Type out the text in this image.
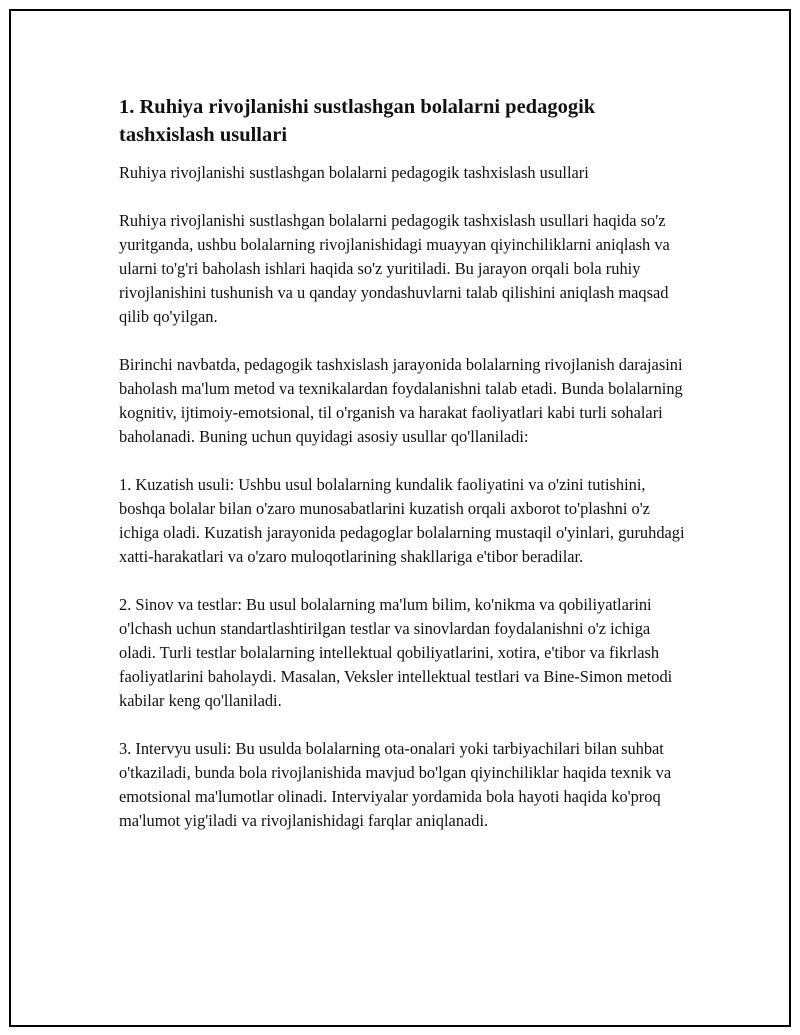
1. Ruhiya rivojlanishi sustlashgan bolalarni pedagogik tashxislash usullari

Ruhiya rivojlanishi sustlashgan bolalarni pedagogik tashxislash usullari

Ruhiya rivojlanishi sustlashgan bolalarni pedagogik tashxislash usullari haqida so'z yuritganda, ushbu bolalarning rivojlanishidagi muayyan qiyinchiliklarni aniqlash va ularni to'g'ri baholash ishlari haqida so'z yuritiladi. Bu jarayon orqali bola ruhiy rivojlanishini tushunish va u qanday yondashuvlarni talab qilishini aniqlash maqsad qilib qo'yilgan.

Birinchi navbatda, pedagogik tashxislash jarayonida bolalarning rivojlanish darajasini baholash ma'lum metod va texnikalardan foydalanishni talab etadi. Bunda bolalarning kognitiv, ijtimoiy-emotsional, til o'rganish va harakat faoliyatlari kabi turli sohalari baholanadi. Buning uchun quyidagi asosiy usullar qo'llaniladi:

1. Kuzatish usuli: Ushbu usul bolalarning kundalik faoliyatini va o'zini tutishini, boshqa bolalar bilan o'zaro munosabatlarini kuzatish orqali axborot to'plashni o'z ichiga oladi. Kuzatish jarayonida pedagoglar bolalarning mustaqil o'yinlari, guruhdagi xatti-harakatlari va o'zaro muloqotlarining shakllariga e'tibor beradilar.

2. Sinov va testlar: Bu usul bolalarning ma'lum bilim, ko'nikma va qobiliyatlarini o'lchash uchun standartlashtirilgan testlar va sinovlardan foydalanishni o'z ichiga oladi. Turli testlar bolalarning intellektual qobiliyatlarini, xotira, e'tibor va fikrlash faoliyatlarini baholaydi. Masalan, Veksler intellektual testlari va Bine-Simon metodi kabilar keng qo'llaniladi.

3. Intervyu usuli: Bu usulda bolalarning ota-onalari yoki tarbiyachilari bilan suhbat o'tkaziladi, bunda bola rivojlanishida mavjud bo'lgan qiyinchiliklar haqida texnik va emotsional ma'lumotlar olinadi. Interviyalar yordamida bola hayoti haqida ko'proq ma'lumot yig'iladi va rivojlanishidagi farqlar aniqlanadi.
